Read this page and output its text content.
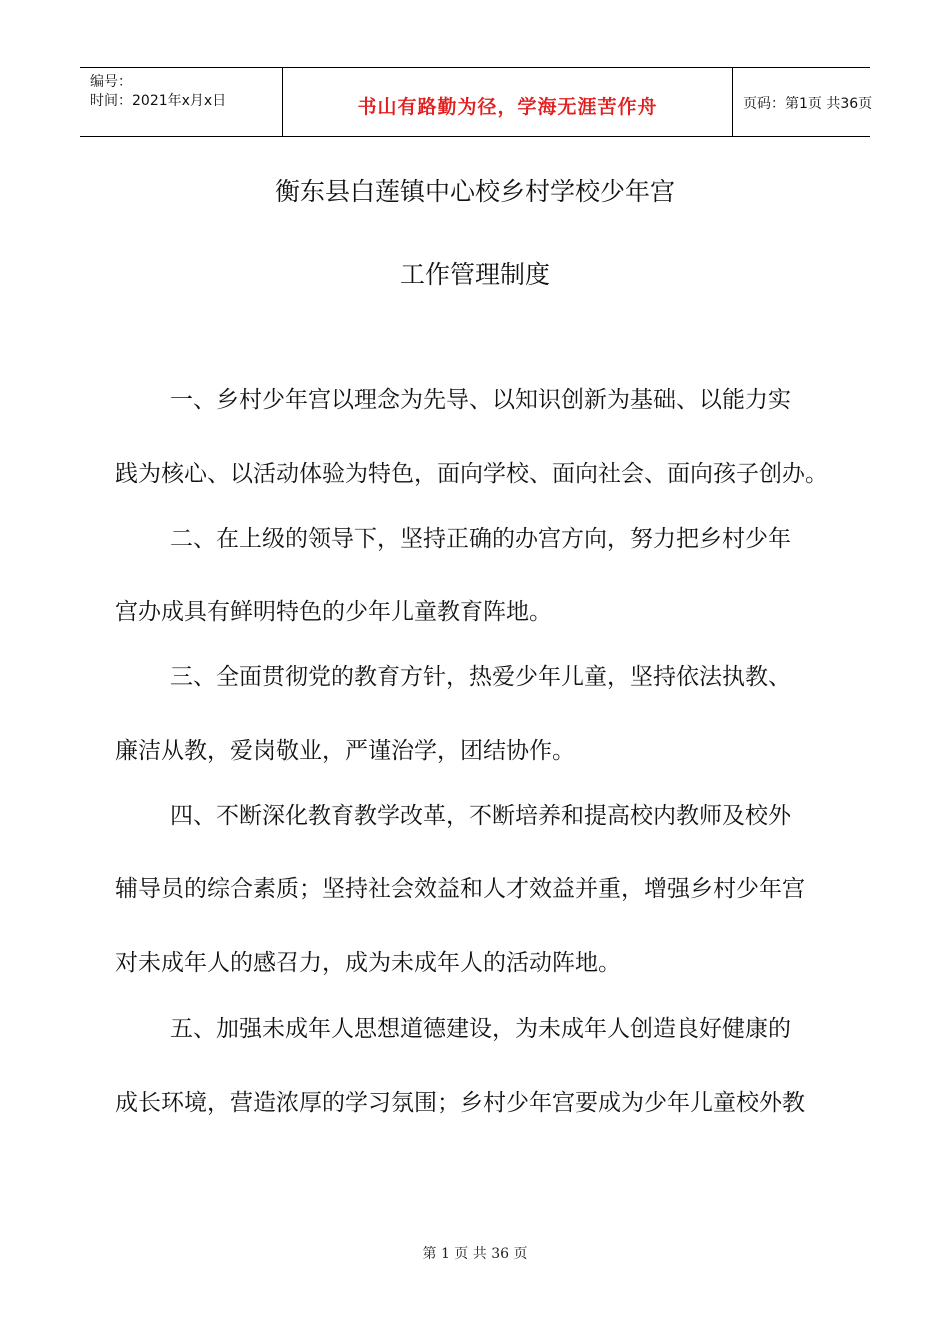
编号：
时间：2021年x月x日	书山有路勤为径，学海无涯苦作舟	页码：第1页 共36页
衡东县白莲镇中心校乡村学校少年宫
工作管理制度
一、乡村少年宫以理念为先导、以知识创新为基础、以能力实
践为核心、以活动体验为特色，面向学校、面向社会、面向孩子创办。
二、在上级的领导下，坚持正确的办宫方向，努力把乡村少年
宫办成具有鲜明特色的少年儿童教育阵地。
三、全面贯彻党的教育方针，热爱少年儿童，坚持依法执教、
廉洁从教，爱岗敬业，严谨治学，团结协作。
四、不断深化教育教学改革，不断培养和提高校内教师及校外
辅导员的综合素质；坚持社会效益和人才效益并重，增强乡村少年宫
对未成年人的感召力，成为未成年人的活动阵地。
五、加强未成年人思想道德建设，为未成年人创造良好健康的
成长环境，营造浓厚的学习氛围；乡村少年宫要成为少年儿童校外教
第 1 页 共 36 页
